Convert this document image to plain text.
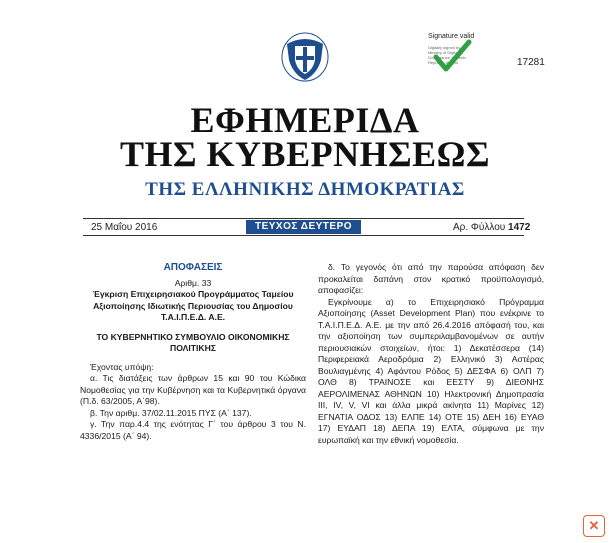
Signature valid
Digitally signed by
Ministry of Digital
Governance, Hellenic
Republic. Athens	17281
ΕΦΗΜΕΡΙΔΑ
ΤΗΣ ΚΥΒΕΡΝΗΣΕΩΣ
ΤΗΣ ΕΛΛΗΝΙΚΗΣ ΔΗΜΟΚΡΑΤΙΑΣ
25 Μαΐου 2016	ΤΕΥΧΟΣ ΔΕΥΤΕΡΟ	Αρ. Φύλλου 1472

ΑΠΟΦΑΣΕΙΣ

Αριθμ. 33

Έγκριση Επιχειρησιακού Προγράμματος Ταμείου Αξιοποίησης Ιδιωτικής Περιουσίας του Δημοσίου Τ.Α.Ι.Π.Ε.Δ. Α.Ε.

ΤΟ ΚΥΒΕΡΝΗΤΙΚΟ ΣΥΜΒΟΥΛΙΟ ΟΙΚΟΝΟΜΙΚΗΣ ΠΟΛΙΤΙΚΗΣ

Έχοντας υπόψη:

α. Τις διατάξεις των άρθρων 15 και 90 του Κώδικα Νομοθεσίας για την Κυβέρνηση και τα Κυβερνητικά όργανα (Π.δ. 63/2005, Α΄98).

β. Την αριθμ. 37/02.11.2015 ΠΥΣ (Α΄ 137).

γ. Την παρ.4.4 της ενότητας Γ΄ του άρθρου 3 του Ν. 4336/2015 (Α΄ 94).

δ. Το γεγονός ότι από την παρούσα απόφαση δεν προκαλείται δαπάνη στον κρατικό προϋπολογισμό, αποφασίζει:

Εγκρίνουμε α) το Επιχειρησιακό Πρόγραμμα Αξιοποίησης (Asset Development Plan) που ενέκρινε το Τ.Α.Ι.Π.Ε.Δ. Α.Ε. με την από 26.4.2016 απόφασή του, και την αξιοποίηση των συμπεριλαμβανομένων σε αυτήν περιουσιακών στοιχείων, ήτοι: 1) Δεκατέσσερα (14) Περιφερειακά Αεροδρόμια 2) Ελληνικό 3) Αστέρας Βουλιαγμένης 4) Αφάντου Ρόδος 5) ΔΕΣΦΑ 6) ΟΛΠ 7) ΟΛΘ 8) ΤΡΑΙΝΟΣΕ και ΕΕΣΤΥ 9) ΔΙΕΘΝΗΣ ΑΕΡΟΛΙΜΕΝΑΣ ΑΘΗΝΩΝ 10) Ηλεκτρονική Δημοπρασία III, IV, V, VI και άλλα μικρά ακίνητα 11) Μαρίνες 12) ΕΓΝΑΤΙΑ ΟΔΟΣ 13) ΕΛΠΕ 14) ΟΤΕ 15) ΔΕΗ 16) ΕΥΑΘ 17) ΕΥΔΑΠ 18) ΔΕΠΑ 19) ΕΛΤΑ, σύμφωνα με την ευρωπαϊκή και την εθνική νομοθεσία.

✕
